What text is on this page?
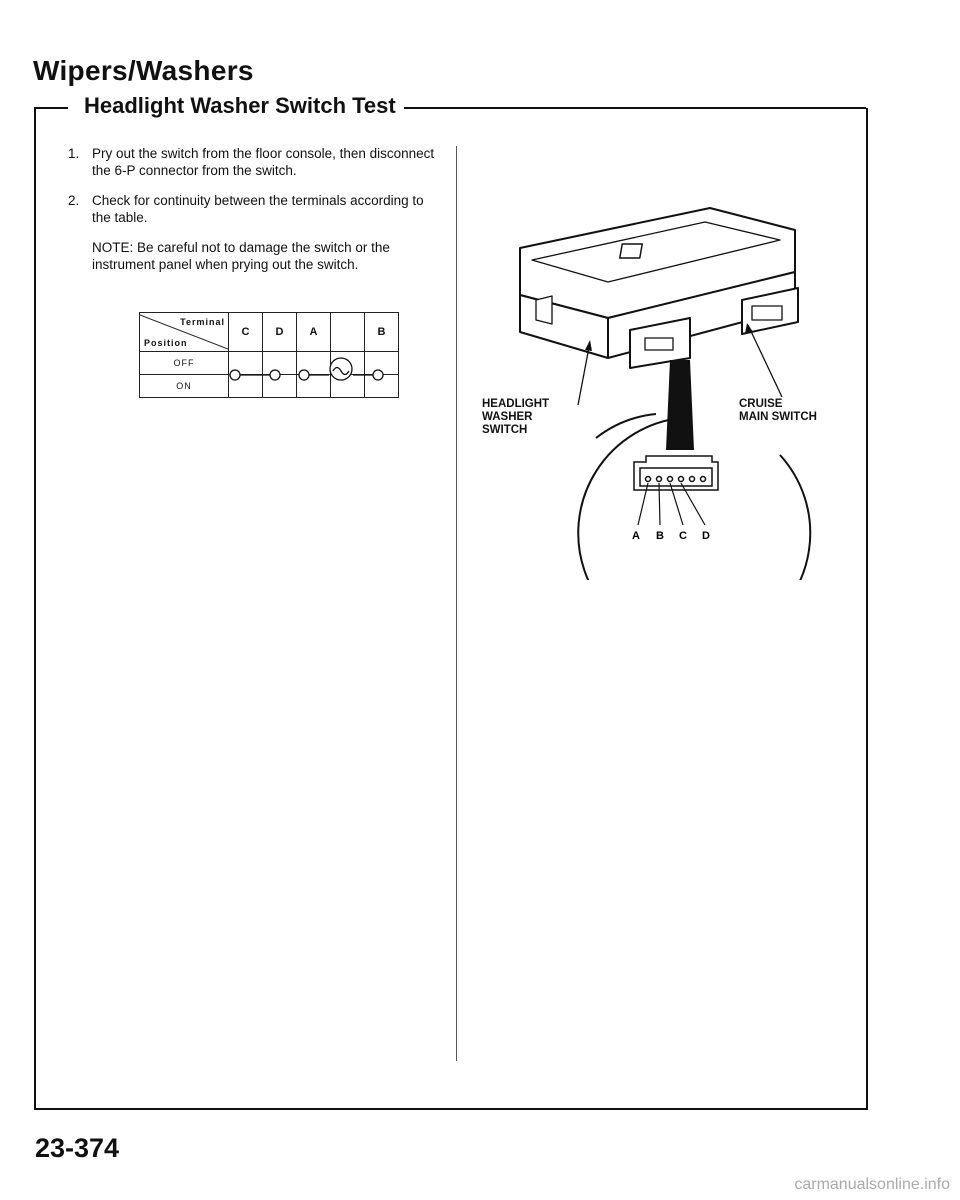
Wipers/Washers
Headlight Washer Switch Test
1. Pry out the switch from the floor console, then disconnect the 6-P connector from the switch.

2. Check for continuity between the terminals according to the table.

NOTE: Be careful not to damage the switch or the instrument panel when prying out the switch.

Terminal
Position	C	D	A		B
OFF					
ON					
A B C D
HEADLIGHT
WASHER
SWITCH
CRUISE
MAIN SWITCH
23-374
carmanualsonline.info
